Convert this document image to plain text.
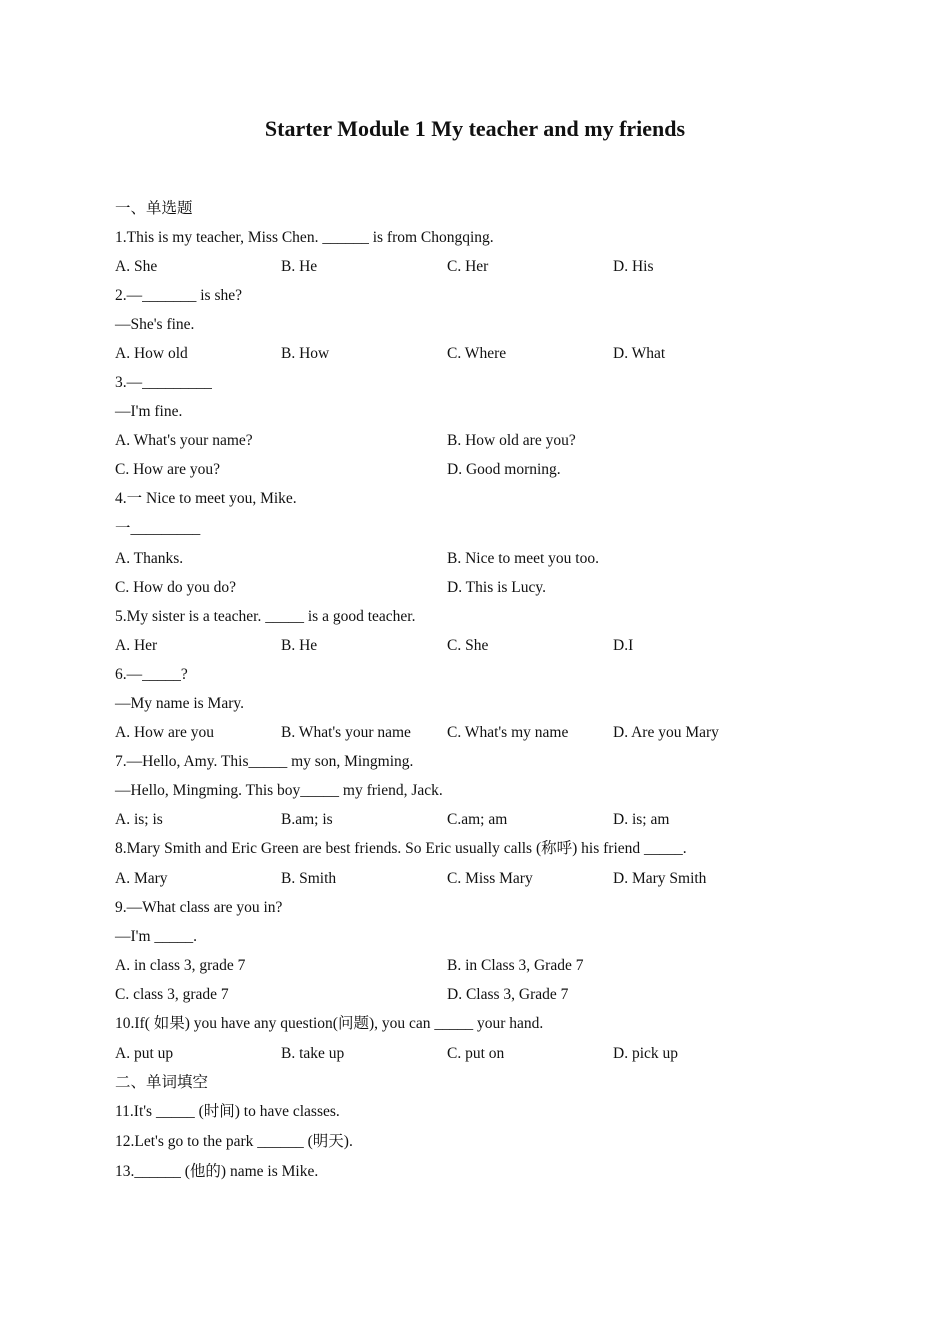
Starter Module 1 My teacher and my friends
一、单选题
1.This is my teacher, Miss Chen. ______ is from Chongqing.
A. She	B. He	C. Her	D. His
2.—_______ is she?
—She's fine.
A. How old	B. How	C. Where	D. What
3.—_________
—I'm fine.
A. What's your name?	B. How old are you?
C. How are you?	D. Good morning.
4.一 Nice to meet you, Mike.
一_________
A. Thanks.	B. Nice to meet you too.
C. How do you do?	D. This is Lucy.
5.My sister is a teacher. _____ is a good teacher.
A. Her	B. He	C. She	D.I
6.—_____?
—My name is Mary.
A. How are you	B. What's your name	C. What's my name	D. Are you Mary
7.—Hello, Amy. This_____ my son, Mingming.
—Hello, Mingming. This boy_____ my friend, Jack.
A. is; is	B.am; is	C.am; am	D. is; am
8.Mary Smith and Eric Green are best friends. So Eric usually calls (称呼) his friend _____.
A. Mary	B. Smith	C. Miss Mary	D. Mary Smith
9.—What class are you in?
—I'm _____.
A. in class 3, grade 7	B. in Class 3, Grade 7
C. class 3, grade 7	D. Class 3, Grade 7
10.If( 如果) you have any question(问题), you can _____ your hand.
A. put up	B. take up	C. put on	D. pick up
二、单词填空
11.It's _____ (时间) to have classes.
12.Let's go to the park ______ (明天).
13.______ (他的) name is Mike.
